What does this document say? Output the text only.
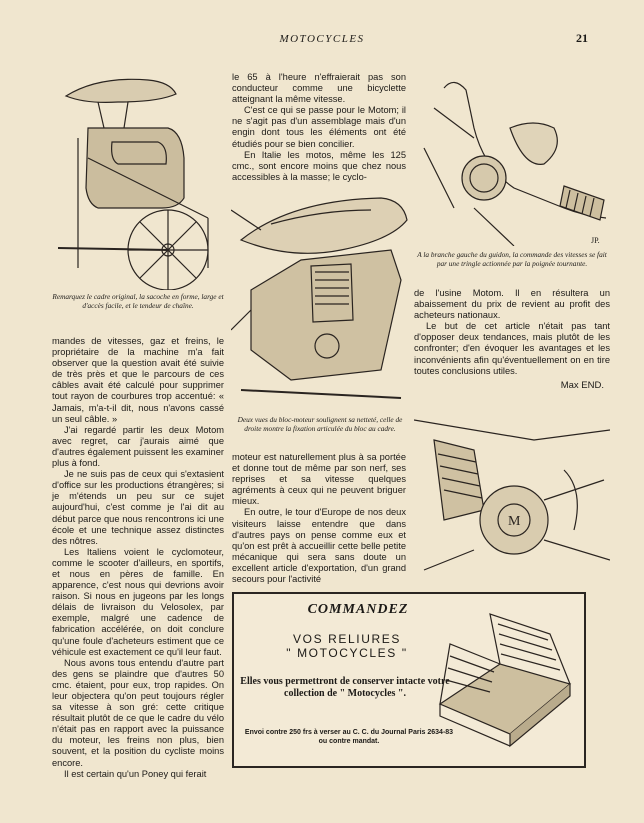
MOTOCYCLES	21
Remarquez le cadre original, la sacoche en forme, large et d'accès facile, et le tendeur de chaîne.

le 65 à l'heure n'effraierait pas son conducteur comme une bicyclette atteignant la même vitesse.

C'est ce qui se passe pour le Motom; il ne s'agit pas d'un assemblage mais d'un engin dont tous les éléments ont été étudiés pour se bien concilier.

En Italie les motos, même les 125 cmc., sont encore moins que chez nous accessibles à la masse; le cyclo-

JP.
A la branche gauche du guidon, la commande des vitesses se fait par une tringle actionnée par la poignée tournante.
Deux vues du bloc-moteur soulignent sa netteté, celle de droite montre la fixation articulée du bloc au cadre.

mandes de vitesses, gaz et freins, le propriétaire de la machine m'a fait observer que la question avait été suivie de très près et que le parcours de ces câbles avait été calculé pour supprimer tout rayon de courbures trop accentué: « Jamais, m'a-t-il dit, nous n'avons cassé un seul câble. »

J'ai regardé partir les deux Motom avec regret, car j'aurais aimé que d'autres également puissent les examiner plus à fond.

Je ne suis pas de ceux qui s'extasient d'office sur les productions étrangères; si je m'étends un peu sur ce sujet aujourd'hui, c'est comme je l'ai dit au début parce que nous rencontrons ici une école et une technique assez distinctes des nôtres.

Les Italiens voient le cyclomoteur, comme le scooter d'ailleurs, en sportifs, et nous en pères de famille. En apparence, c'est nous qui devrions avoir raison. Si nous en jugeons par les longs délais de livraison du Velosolex, par exemple, malgré une cadence de fabrication accélérée, on doit conclure qu'une foule d'acheteurs estiment que ce véhicule est exactement ce qu'il leur faut.

Nous avons tous entendu d'autre part des gens se plaindre que d'autres 50 cmc. étaient, pour eux, trop rapides. On leur objectera qu'on peut toujours régler sa vitesse à son gré: cette critique résultait plutôt de ce que le cadre du vélo n'était pas en rapport avec la puissance du moteur, les freins non plus, bien souvent, et la position du cycliste moins encore.

Il est certain qu'un Poney qui ferait

de l'usine Motom. Il en résultera un abaissement du prix de revient au profit des acheteurs nationaux.

Le but de cet article n'était pas tant d'opposer deux tendances, mais plutôt de les confronter; d'en évoquer les avantages et les inconvénients afin qu'éventuellement on en tire toutes conclusions utiles.

Max END.
M

moteur est naturellement plus à sa portée et donne tout de même par son nerf, ses reprises et sa vitesse quelques agréments à ceux qui ne peuvent briguer mieux.

En outre, le tour d'Europe de nos deux visiteurs laisse entendre que dans d'autres pays on pense comme eux et qu'on est prêt à accueillir cette belle petite mécanique qui sera sans doute un excellent article d'exportation, d'un grand secours pour l'activité

COMMANDEZ
VOS RELIURES
" MOTOCYCLES "
Elles vous permettront de conserver intacte votre collection de " Motocycles ".
Envoi contre 250 frs à verser au C. C. du Journal Paris 2634-83 ou contre mandat.
